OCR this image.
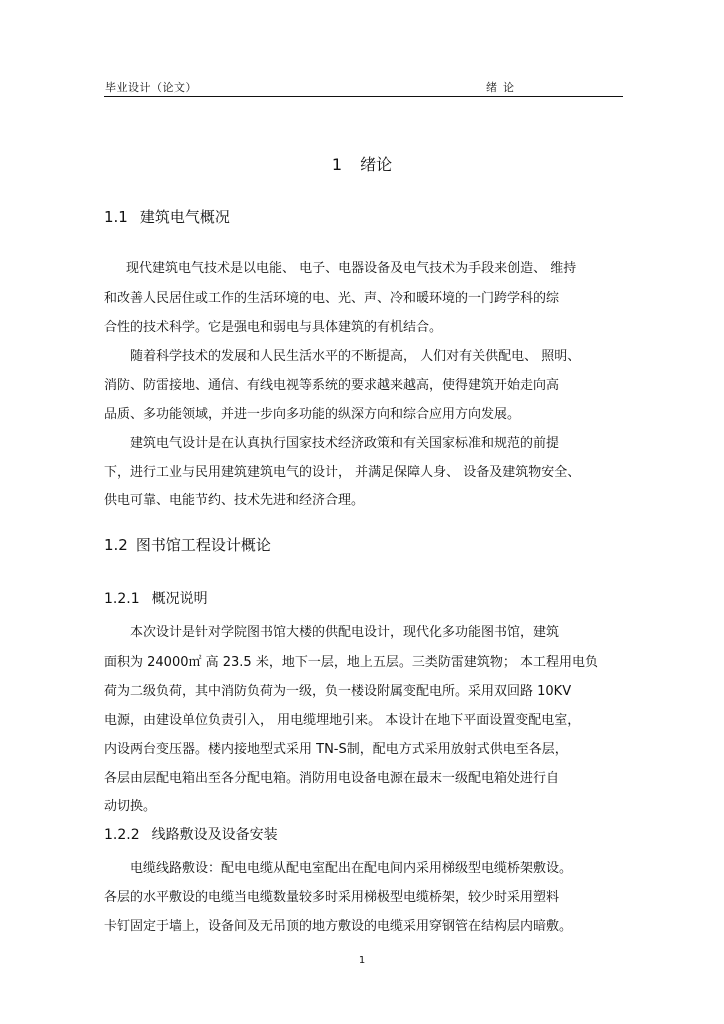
毕业设计（论文）	绪论
1 绪论
1.1 建筑电气概况
现代建筑电气技术是以电能、 电子、电器设备及电气技术为手段来创造、 维持
和改善人民居住或工作的生活环境的电、光、声、冷和暖环境的一门跨学科的综
合性的技术科学。它是强电和弱电与具体建筑的有机结合。
随着科学技术的发展和人民生活水平的不断提高， 人们对有关供配电、 照明、
消防、防雷接地、通信、有线电视等系统的要求越来越高，使得建筑开始走向高
品质、多功能领域，并进一步向多功能的纵深方向和综合应用方向发展。
建筑电气设计是在认真执行国家技术经济政策和有关国家标准和规范的前提
下，进行工业与民用建筑建筑电气的设计， 并满足保障人身、 设备及建筑物安全、
供电可靠、电能节约、技术先进和经济合理。
1.2 图书馆工程设计概论
1.2.1 概况说明
本次设计是针对学院图书馆大楼的供配电设计，现代化多功能图书馆，建筑
面积为 24000㎡ 高 23.5 米，地下一层，地上五层。三类防雷建筑物； 本工程用电负
荷为二级负荷，其中消防负荷为一级，负一楼设附属变配电所。采用双回路 10KV
电源，由建设单位负责引入， 用电缆埋地引来。 本设计在地下平面设置变配电室，
内设两台变压器。楼内接地型式采用 TN-S制，配电方式采用放射式供电至各层，
各层由层配电箱出至各分配电箱。消防用电设备电源在最末一级配电箱处进行自
动切换。
1.2.2 线路敷设及设备安装
电缆线路敷设：配电电缆从配电室配出在配电间内采用梯级型电缆桥架敷设。
各层的水平敷设的电缆当电缆数量较多时采用梯极型电缆桥架，较少时采用塑料
卡钉固定于墙上，设备间及无吊顶的地方敷设的电缆采用穿钢管在结构层内暗敷。
1
